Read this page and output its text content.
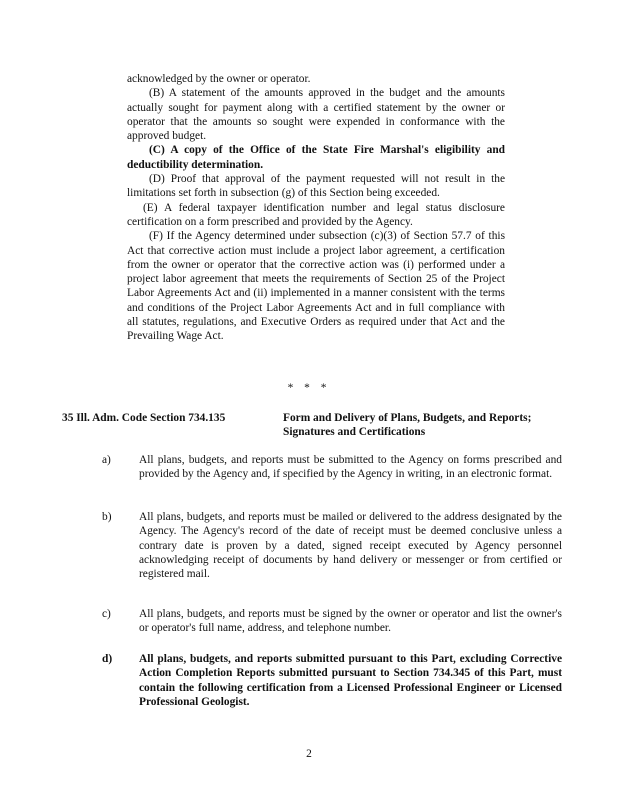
acknowledged by the owner or operator.

(B) A statement of the amounts approved in the budget and the amounts actually sought for payment along with a certified statement by the owner or operator that the amounts so sought were expended in conformance with the approved budget.

(C) A copy of the Office of the State Fire Marshal's eligibility and deductibility determination.

(D) Proof that approval of the payment requested will not result in the limitations set forth in subsection (g) of this Section being exceeded.

(E) A federal taxpayer identification number and legal status disclosure certification on a form prescribed and provided by the Agency.

(F) If the Agency determined under subsection (c)(3) of Section 57.7 of this Act that corrective action must include a project labor agreement, a certification from the owner or operator that the corrective action was (i) performed under a project labor agreement that meets the requirements of Section 25 of the Project Labor Agreements Act and (ii) implemented in a manner consistent with the terms and conditions of the Project Labor Agreements Act and in full compliance with all statutes, regulations, and Executive Orders as required under that Act and the Prevailing Wage Act.

* * *
35 Ill. Adm. Code Section 734.135	Form and Delivery of Plans, Budgets, and Reports; Signatures and Certifications
a) All plans, budgets, and reports must be submitted to the Agency on forms prescribed and provided by the Agency and, if specified by the Agency in writing, in an electronic format.
b) All plans, budgets, and reports must be mailed or delivered to the address designated by the Agency. The Agency's record of the date of receipt must be deemed conclusive unless a contrary date is proven by a dated, signed receipt executed by Agency personnel acknowledging receipt of documents by hand delivery or messenger or from certified or registered mail.
c) All plans, budgets, and reports must be signed by the owner or operator and list the owner's or operator's full name, address, and telephone number.
d) All plans, budgets, and reports submitted pursuant to this Part, excluding Corrective Action Completion Reports submitted pursuant to Section 734.345 of this Part, must contain the following certification from a Licensed Professional Engineer or Licensed Professional Geologist.
2
